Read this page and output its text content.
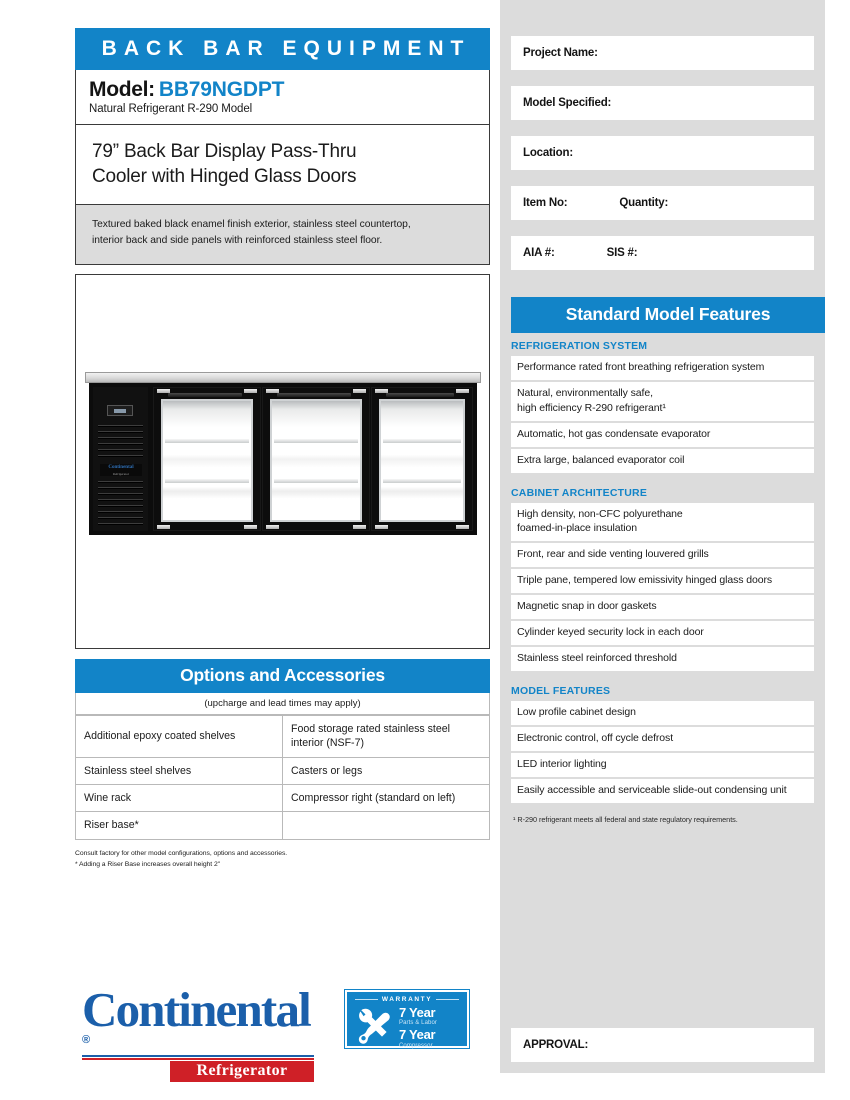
Project Name:
Model Specified:
Location:
Item No:	Quantity:
AIA #:	SIS #:
Standard Model Features
REFRIGERATION SYSTEM
Performance rated front breathing refrigeration system
Natural, environmentally safe,
high efficiency R-290 refrigerant¹
Automatic, hot gas condensate evaporator
Extra large, balanced evaporator coil
CABINET ARCHITECTURE
High density, non-CFC polyurethane
foamed-in-place insulation
Front, rear and side venting louvered grills
Triple pane, tempered low emissivity hinged glass doors
Magnetic snap in door gaskets
Cylinder keyed security lock in each door
Stainless steel reinforced threshold
MODEL FEATURES
Low profile cabinet design
Electronic control, off cycle defrost
LED interior lighting
Easily accessible and serviceable slide-out condensing unit
¹ R-290 refrigerant meets all federal and state regulatory requirements.
APPROVAL:
BACK BAR EQUIPMENT
Model: BB79NGDPT
Natural Refrigerant R-290 Model
79” Back Bar Display Pass-Thru
Cooler with Hinged Glass Doors
Textured baked black enamel finish exterior, stainless steel countertop,
interior back and side panels with reinforced stainless steel floor.
Continental
Refrigerator
Options and Accessories
(upcharge and lead times may apply)
Additional epoxy coated shelves	Food storage rated stainless steel
interior (NSF-7)
Stainless steel shelves	Casters or legs
Wine rack	Compressor right (standard on left)
Riser base*	
Consult factory for other model configurations, options and accessories.
* Adding a Riser Base increases overall height 2"
Continental®
Refrigerator
WARRANTY
7 Year
Parts & Labor
7 Year
Compressor
